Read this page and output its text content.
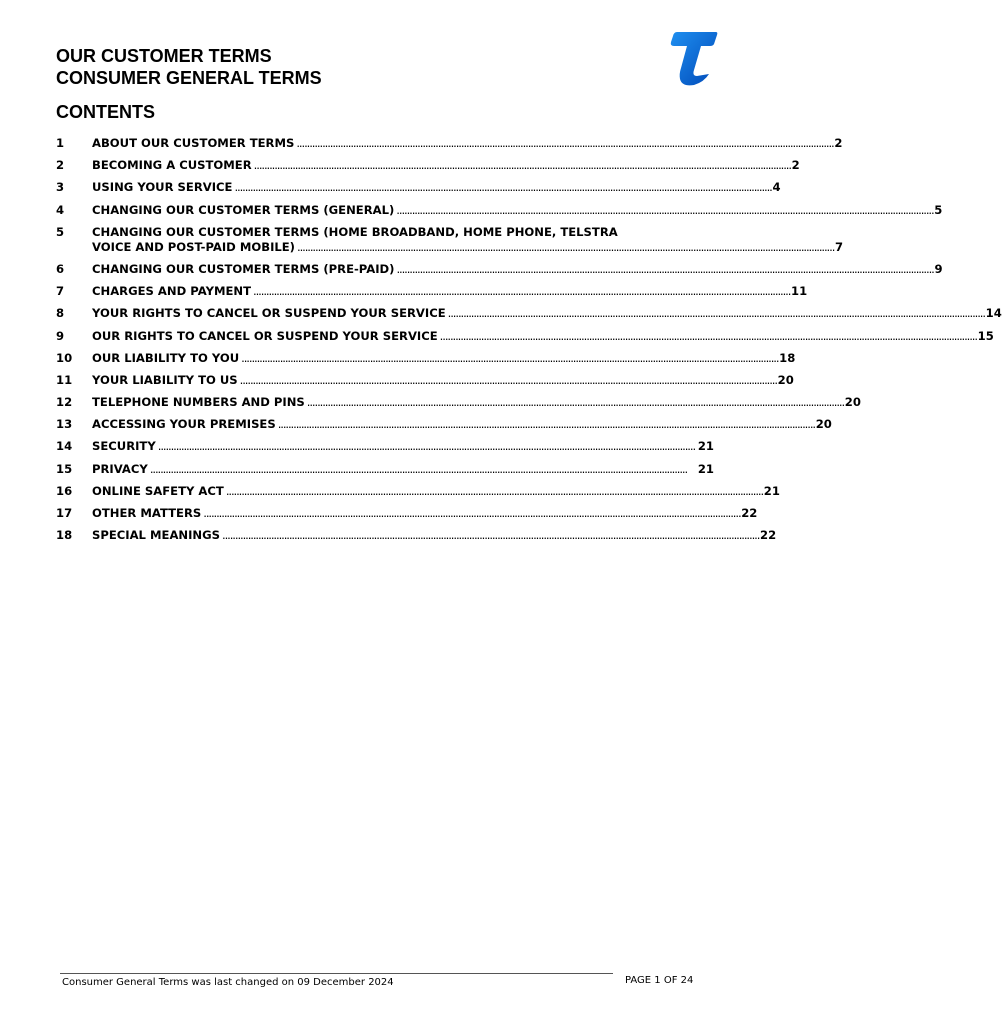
OUR CUSTOMER TERMS
CONSUMER GENERAL TERMS
CONTENTS
1	ABOUT OUR CUSTOMER TERMS . . .	2
2	BECOMING A CUSTOMER . . .	2
3	USING YOUR SERVICE . . .	4
4	CHANGING OUR CUSTOMER TERMS (GENERAL) . . .	5
5	CHANGING OUR CUSTOMER TERMS (HOME BROADBAND, HOME PHONE, TELSTRA
VOICE AND POST-PAID MOBILE) . . .	7
6	CHANGING OUR CUSTOMER TERMS (PRE-PAID) . . .	9
7	CHARGES AND PAYMENT . . .	11
8	YOUR RIGHTS TO CANCEL OR SUSPEND YOUR SERVICE . . .	14
9	OUR RIGHTS TO CANCEL OR SUSPEND YOUR SERVICE . . .	15
10	OUR LIABILITY TO YOU . . .	18
11	YOUR LIABILITY TO US . . .	20
12	TELEPHONE NUMBERS AND PINS . . .	20
13	ACCESSING YOUR PREMISES . . .	20
14	SECURITY . . .	21
15	PRIVACY . . .	21
16	ONLINE SAFETY ACT . . .	21
17	OTHER MATTERS . . .	22
18	SPECIAL MEANINGS . . .	22
Consumer General Terms was last changed on 09 December 2024	PAGE 1 OF 24
